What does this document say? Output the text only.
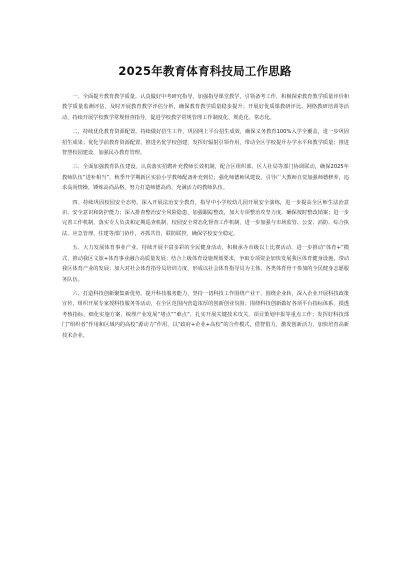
2025年教育体育科技局工作思路

一、全面提升教育教学质量。认真做好中考研究指导，加强指导课堂教学，引领备考工作，积极探索教育教学质量评价和教学质量监测评估，及时开展教育教学评估分析，确保教育教学质量稳步提升；开展好优质课教研评比、网络教研培训等活动，持续开展学校教学常规督查指导，促进学校教学常规管理工作制度化、规范化、常态化。

二、持续优化教育资源配置。持续做好招生工作，巩固网上平台招生成效，确保义务教育100%入学全覆盖，进一步巩固招生成果；优化学前教育资源配置，推进名优学校创建，发挥好辐射引领作用，带动全区学校提升办学水平和教学质量；推进智慧校园建设，加强民办教育管理。

三、全面加强教育队伍建设。认真落实招聘补充教师长效机制，配合区组织部、区人社局等部门协调联动，确保2025年教师队伍“进补相当”，秋季开学期新区实验小学教师配备补充到位；强化师德师风建设，引导广大教师自觉加强师德修养，追求高尚情操，锤炼高尚品格，努力打造师德高尚、充满活力的教师队伍。

四、持续巩固校园安全态势。深入开展法治安全教育，指导中小学校幼儿园开展安全演练，进一步提高全区师生法治意识、安全意识和防护能力；深入排查整治安全风险隐患，加强跟踪整改，加大专项整治攻坚力度，确保按时整改销案；进一步完善工作机制，落实专人负责和定期巡查机制，校园安全常态化督查工作机制，进一步加强与市场监管、公安、消防、综合执法、应急管理、住建等部门协作，齐抓共管，联防联控，确保学校安全稳定。

五、大力发展体育事业产业。持续开展丰富多彩的全民健身活动，积极承办市级以上比赛活动，进一步推动“体育+”模式，推动我区文旅+体育事业融合高质量发展；结合上级体育设施规划要求，争取专项资金加快发展我区体育健身设施，带动我区体育产业的发展；加大对社会体育指导员培训力度，形成以社会体育指导员为主体、各类体育骨干参加的全民健身志愿服务队伍。

六、打造科技创新聚集新优势。提升科技服务能力，坚持一切科技工作围绕产业干、围绕企业转，深入企业开展科技政策宣传，组织开展专家授科技服务等活动，在全区范围内营造浓厚的创新创业氛围；围绕科技创新做好各项平台指标体系，摸透考核指标，细化实施方案，梳理产业发展“堵点”“难点”，扎实开展关键技术攻关，项目策划申报等重点工作；发挥好科技部门“组织者”作用和区域内的高校“源动力”作用，以“政府+企业+高校”的合作模式，借智借力，激发创新活力，加快培育高新技术企业。
